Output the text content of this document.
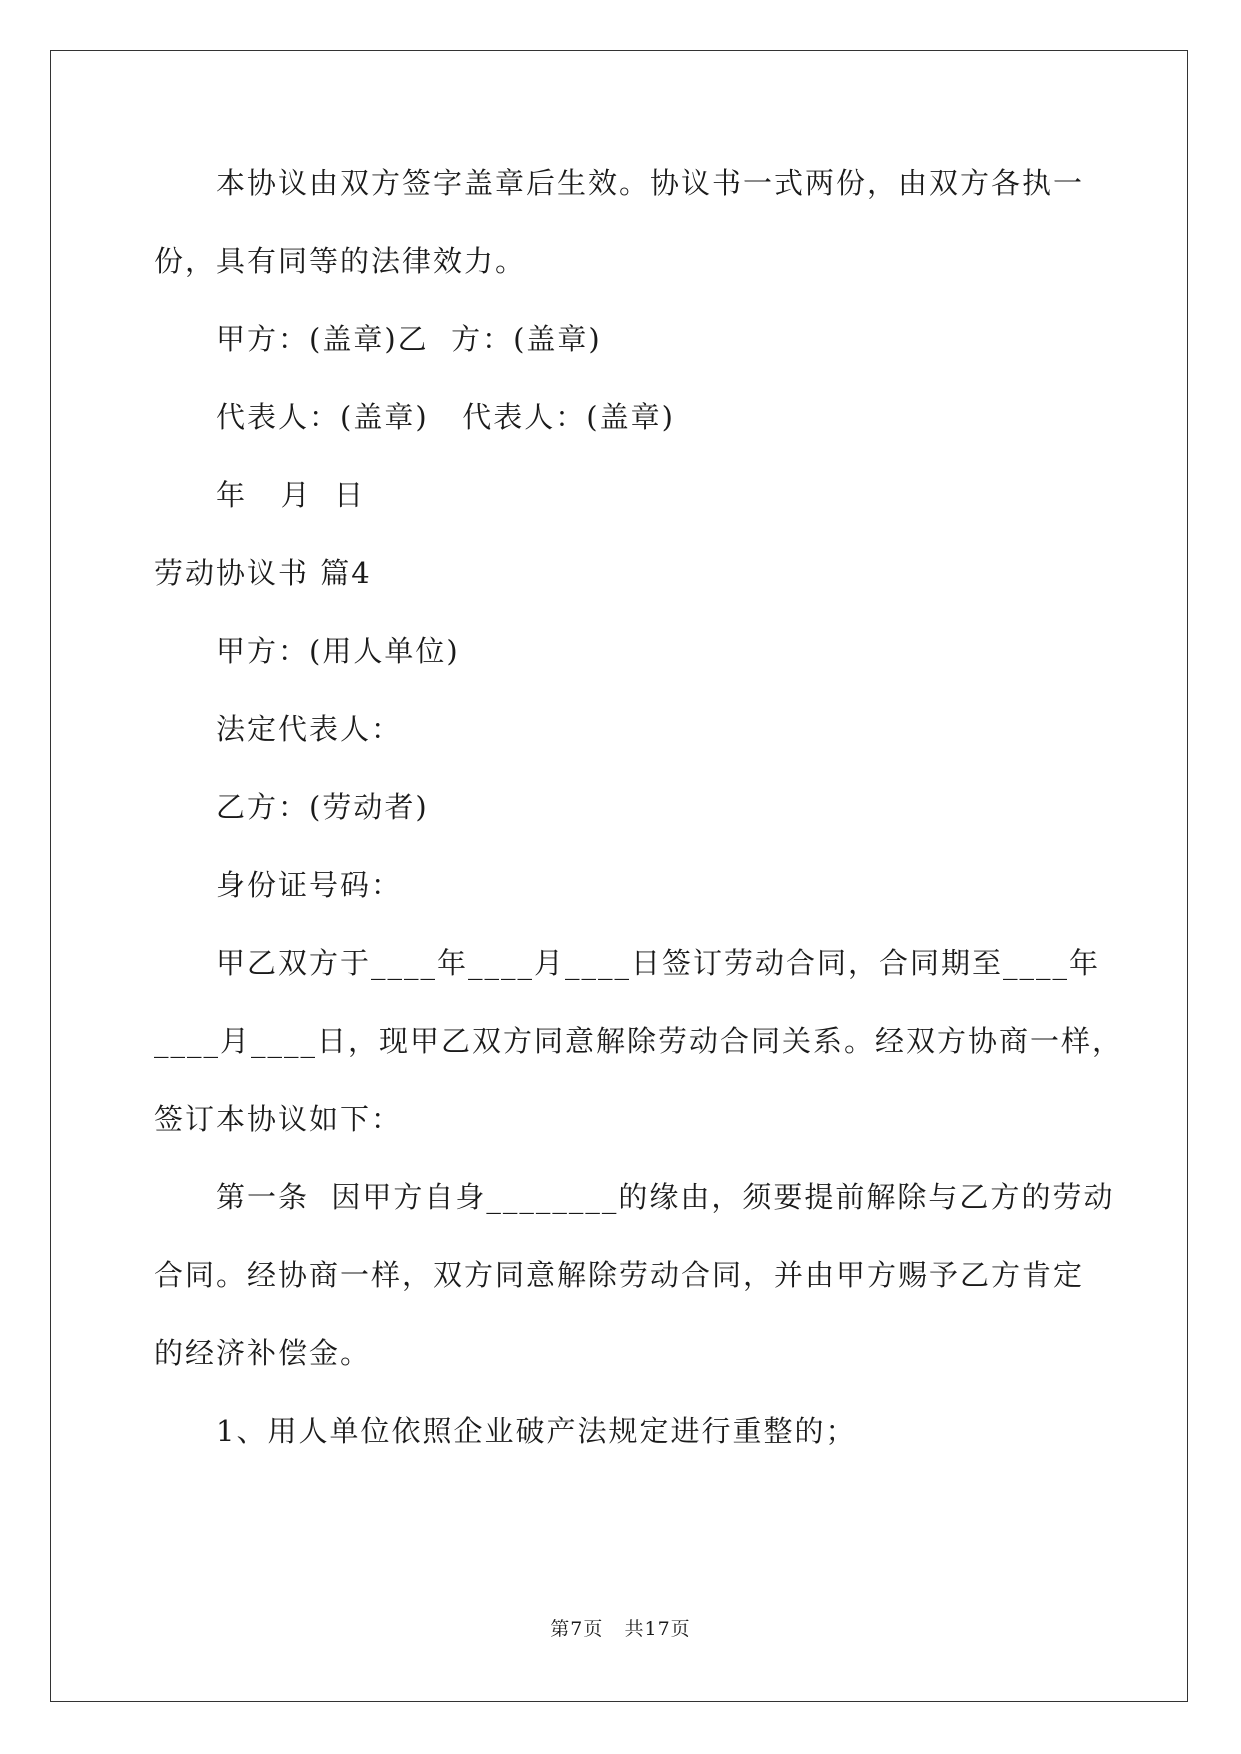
本协议由双方签字盖章后生效。协议书一式两份，由双方各执一
份，具有同等的法律效力。
甲方：(盖章)乙  方：(盖章)
代表人：(盖章)   代表人：(盖章)
年   月  日
劳动协议书 篇4
甲方：(用人单位)
法定代表人：
乙方：(劳动者)
身份证号码：
甲乙双方于____年____月____日签订劳动合同，合同期至____年
____月____日，现甲乙双方同意解除劳动合同关系。经双方协商一样，
签订本协议如下：
第一条  因甲方自身________的缘由，须要提前解除与乙方的劳动
合同。经协商一样，双方同意解除劳动合同，并由甲方赐予乙方肯定
的经济补偿金。
1、用人单位依照企业破产法规定进行重整的；
第7页   共17页
